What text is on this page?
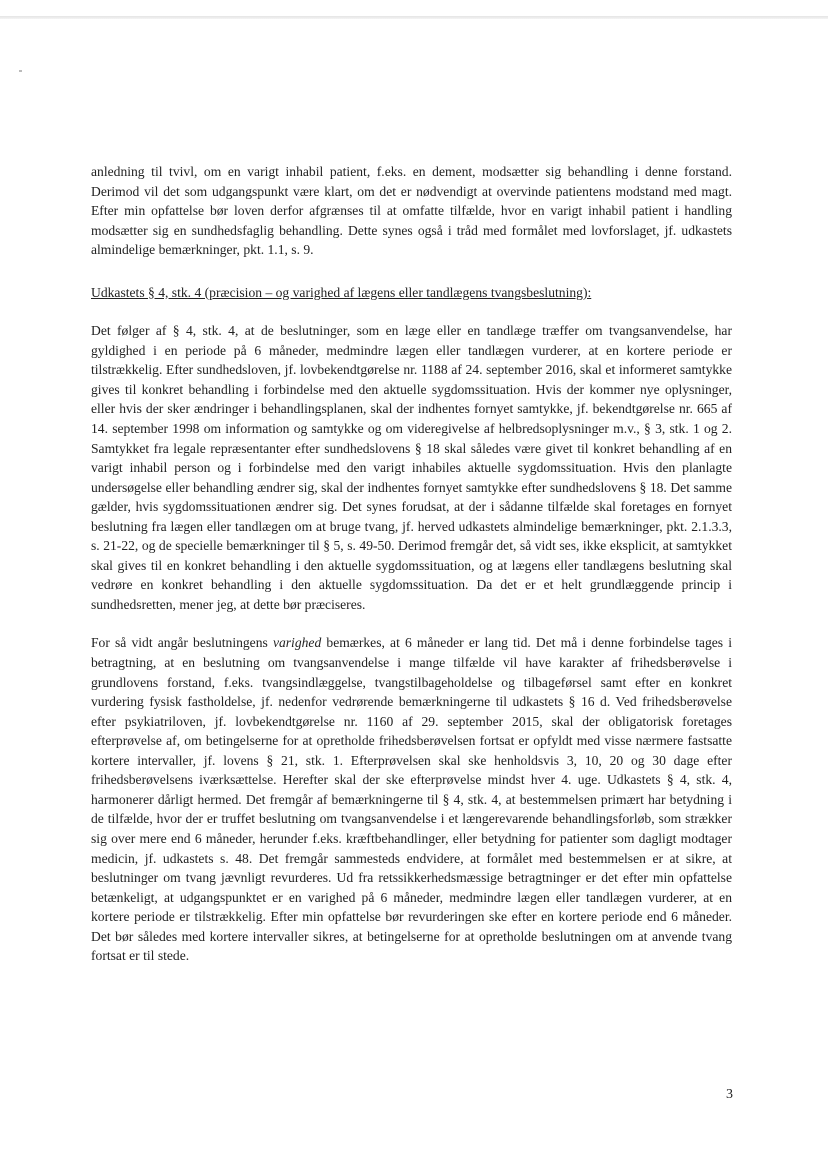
anledning til tvivl, om en varigt inhabil patient, f.eks. en dement, modsætter sig behandling i denne forstand. Derimod vil det som udgangspunkt være klart, om det er nødvendigt at overvinde patientens modstand med magt. Efter min opfattelse bør loven derfor afgrænses til at omfatte tilfælde, hvor en varigt inhabil patient i handling modsætter sig en sundhedsfaglig behandling. Dette synes også i tråd med formålet med lovforslaget, jf. udkastets almindelige bemærkninger, pkt. 1.1, s. 9.

Udkastets § 4, stk. 4 (præcision – og varighed af lægens eller tandlægens tvangsbeslutning):

Det følger af § 4, stk. 4, at de beslutninger, som en læge eller en tandlæge træffer om tvangsanvendelse, har gyldighed i en periode på 6 måneder, medmindre lægen eller tandlægen vurderer, at en kortere periode er tilstrækkelig. Efter sundhedsloven, jf. lovbekendtgørelse nr. 1188 af 24. september 2016, skal et informeret samtykke gives til konkret behandling i forbindelse med den aktuelle sygdomssituation. Hvis der kommer nye oplysninger, eller hvis der sker ændringer i behandlingsplanen, skal der indhentes fornyet samtykke, jf. bekendtgørelse nr. 665 af 14. september 1998 om information og samtykke og om videregivelse af helbredsoplysninger m.v., § 3, stk. 1 og 2. Samtykket fra legale repræsentanter efter sundhedslovens § 18 skal således være givet til konkret behandling af en varigt inhabil person og i forbindelse med den varigt inhabiles aktuelle sygdomssituation. Hvis den planlagte undersøgelse eller behandling ændrer sig, skal der indhentes fornyet samtykke efter sundhedslovens § 18. Det samme gælder, hvis sygdomssituationen ændrer sig. Det synes forudsat, at der i sådanne tilfælde skal foretages en fornyet beslutning fra lægen eller tandlægen om at bruge tvang, jf. herved udkastets almindelige bemærkninger, pkt. 2.1.3.3, s. 21-22, og de specielle bemærkninger til § 5, s. 49-50. Derimod fremgår det, så vidt ses, ikke eksplicit, at samtykket skal gives til en konkret behandling i den aktuelle sygdomssituation, og at lægens eller tandlægens beslutning skal vedrøre en konkret behandling i den aktuelle sygdomssituation. Da det er et helt grundlæggende princip i sundhedsretten, mener jeg, at dette bør præciseres.

For så vidt angår beslutningens varighed bemærkes, at 6 måneder er lang tid. Det må i denne forbindelse tages i betragtning, at en beslutning om tvangsanvendelse i mange tilfælde vil have karakter af frihedsberøvelse i grundlovens forstand, f.eks. tvangsindlæggelse, tvangstilbageholdelse og tilbageførsel samt efter en konkret vurdering fysisk fastholdelse, jf. nedenfor vedrørende bemærkningerne til udkastets § 16 d. Ved frihedsberøvelse efter psykiatriloven, jf. lovbekendtgørelse nr. 1160 af 29. september 2015, skal der obligatorisk foretages efterprøvelse af, om betingelserne for at opretholde frihedsberøvelsen fortsat er opfyldt med visse nærmere fastsatte kortere intervaller, jf. lovens § 21, stk. 1. Efterprøvelsen skal ske henholdsvis 3, 10, 20 og 30 dage efter frihedsberøvelsens iværksættelse. Herefter skal der ske efterprøvelse mindst hver 4. uge. Udkastets § 4, stk. 4, harmonerer dårligt hermed. Det fremgår af bemærkningerne til § 4, stk. 4, at bestemmelsen primært har betydning i de tilfælde, hvor der er truffet beslutning om tvangsanvendelse i et længerevarende behandlingsforløb, som strækker sig over mere end 6 måneder, herunder f.eks. kræftbehandlinger, eller betydning for patienter som dagligt modtager medicin, jf. udkastets s. 48. Det fremgår sammesteds endvidere, at formålet med bestemmelsen er at sikre, at beslutninger om tvang jævnligt revurderes. Ud fra retssikkerhedsmæssige betragtninger er det efter min opfattelse betænkeligt, at udgangspunktet er en varighed på 6 måneder, medmindre lægen eller tandlægen vurderer, at en kortere periode er tilstrækkelig. Efter min opfattelse bør revurderingen ske efter en kortere periode end 6 måneder. Det bør således med kortere intervaller sikres, at betingelserne for at opretholde beslutningen om at anvende tvang fortsat er til stede.

3
